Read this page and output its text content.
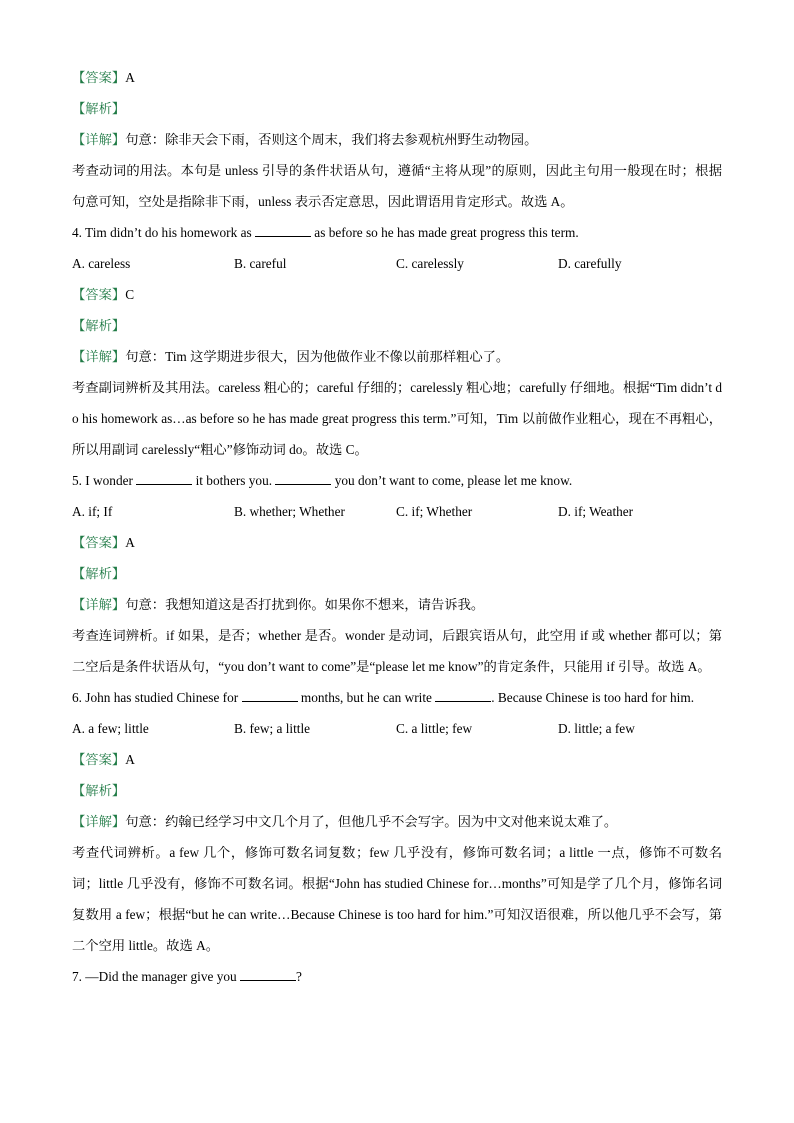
【答案】A
【解析】
【详解】句意：除非天会下雨，否则这个周末，我们将去参观杭州野生动物园。
考查动词的用法。本句是 unless 引导的条件状语从句，遵循“主将从现”的原则，因此主句用一般现在时；根据句意可知，空处是指除非下雨，unless 表示否定意思，因此谓语用肯定形式。故选 A。
4. Tim didn’t do his homework as	as before so he has made great progress this term.
A. careless	B. careful	C. carelessly	D. carefully
【答案】C
【解析】
【详解】句意：Tim 这学期进步很大，因为他做作业不像以前那样粗心了。
考查副词辨析及其用法。careless 粗心的；careful 仔细的；carelessly 粗心地；carefully 仔细地。根据“Tim didn’t do his homework as…as before so he has made great progress this term.”可知，Tim 以前做作业粗心，现在不再粗心，所以用副词 carelessly“粗心”修饰动词 do。故选 C。
5. I wonder	it bothers you.	you don’t want to come, please let me know.
A. if; If	B. whether; Whether	C. if; Whether	D. if; Weather
【答案】A
【解析】
【详解】句意：我想知道这是否打扰到你。如果你不想来，请告诉我。
考查连词辨析。if 如果，是否；whether 是否。wonder 是动词，后跟宾语从句，此空用 if 或 whether 都可以；第二空后是条件状语从句，“you don’t want to come”是“please let me know”的肯定条件，只能用 if 引导。故选 A。
6. John has studied Chinese for	months, but he can write	. Because Chinese is too hard for him.
A. a few; little	B. few; a little	C. a little; few	D. little; a few
【答案】A
【解析】
【详解】句意：约翰已经学习中文几个月了，但他几乎不会写字。因为中文对他来说太难了。
考查代词辨析。a few 几个，修饰可数名词复数；few 几乎没有，修饰可数名词；a little 一点，修饰不可数名词；little 几乎没有，修饰不可数名词。根据“John has studied Chinese for…months”可知是学了几个月，修饰名词复数用 a few；根据“but he can write…Because Chinese is too hard for him.”可知汉语很难，所以他几乎不会写，第二个空用 little。故选 A。
7. —Did the manager give you	?
